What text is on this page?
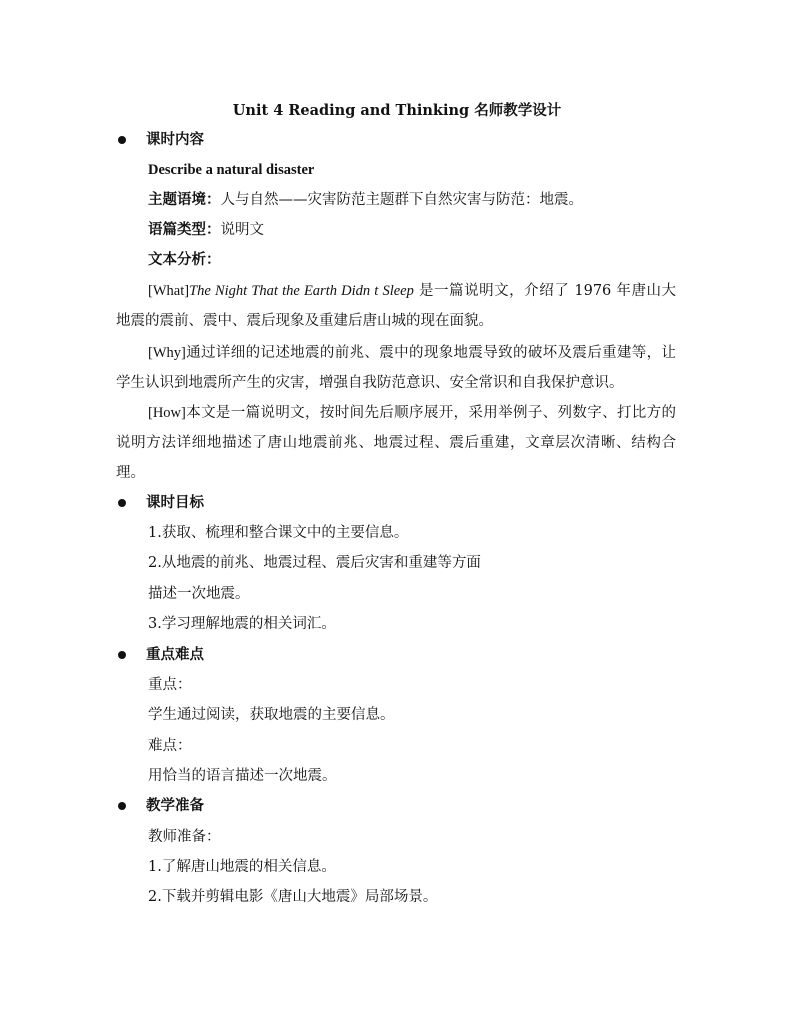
Unit 4 Reading and Thinking 名师教学设计
课时内容
Describe a natural disaster
主题语境：人与自然——灾害防范主题群下自然灾害与防范：地震。
语篇类型：说明文
文本分析：
[What]The Night That the Earth Didn t Sleep 是一篇说明文，介绍了 1976 年唐山大地震的震前、震中、震后现象及重建后唐山城的现在面貌。
[Why]通过详细的记述地震的前兆、震中的现象地震导致的破坏及震后重建等，让学生认识到地震所产生的灾害，增强自我防范意识、安全常识和自我保护意识。
[How]本文是一篇说明文，按时间先后顺序展开，采用举例子、列数字、打比方的说明方法详细地描述了唐山地震前兆、地震过程、震后重建，文章层次清晰、结构合理。
课时目标
1.获取、梳理和整合课文中的主要信息。
2.从地震的前兆、地震过程、震后灾害和重建等方面
描述一次地震。
3.学习理解地震的相关词汇。
重点难点
重点：
学生通过阅读，获取地震的主要信息。
难点：
用恰当的语言描述一次地震。
教学准备
教师准备：
1.了解唐山地震的相关信息。
2.下载并剪辑电影《唐山大地震》局部场景。
